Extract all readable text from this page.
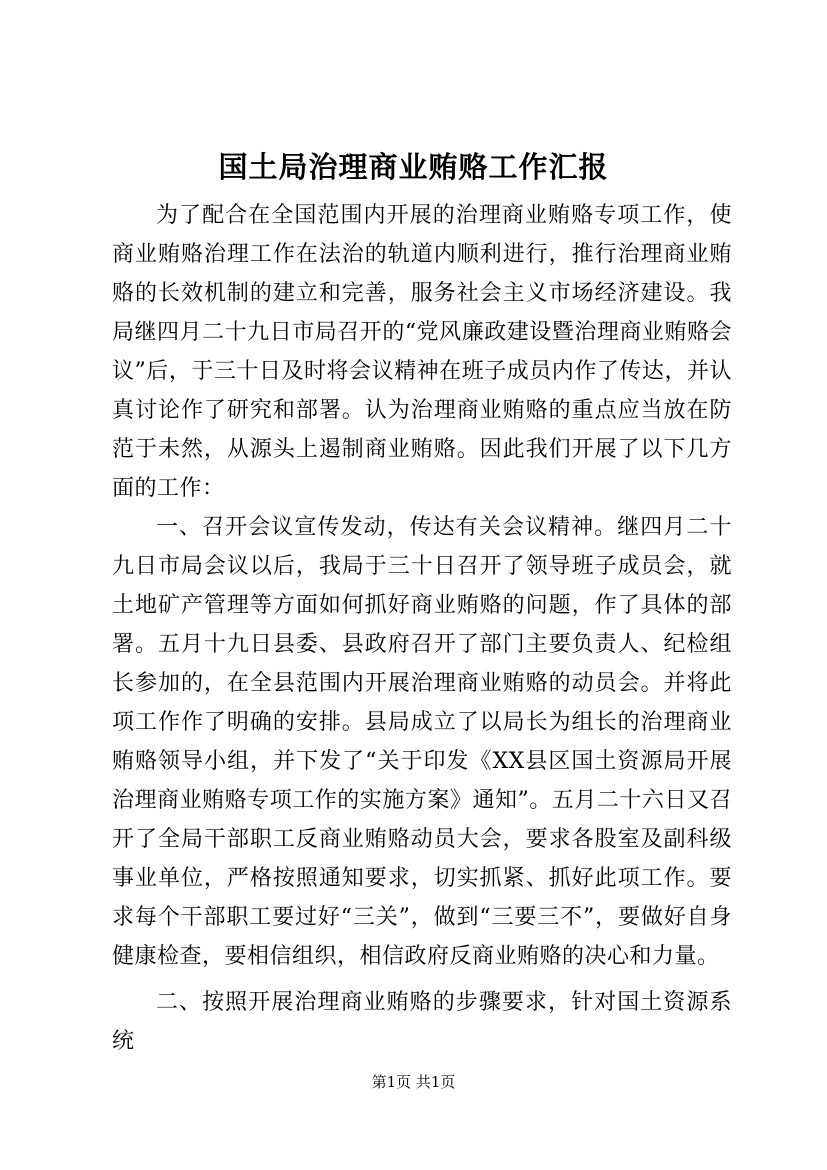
国土局治理商业贿赂工作汇报

为了配合在全国范围内开展的治理商业贿赂专项工作，使商业贿赂治理工作在法治的轨道内顺利进行，推行治理商业贿赂的长效机制的建立和完善，服务社会主义市场经济建设。我局继四月二十九日市局召开的“党风廉政建设暨治理商业贿赂会议”后，于三十日及时将会议精神在班子成员内作了传达，并认真讨论作了研究和部署。认为治理商业贿赂的重点应当放在防范于未然，从源头上遏制商业贿赂。因此我们开展了以下几方面的工作：

一、召开会议宣传发动，传达有关会议精神。继四月二十九日市局会议以后，我局于三十日召开了领导班子成员会，就土地矿产管理等方面如何抓好商业贿赂的问题，作了具体的部署。五月十九日县委、县政府召开了部门主要负责人、纪检组长参加的，在全县范围内开展治理商业贿赂的动员会。并将此项工作作了明确的安排。县局成立了以局长为组长的治理商业贿赂领导小组，并下发了“关于印发《XX县区国土资源局开展治理商业贿赂专项工作的实施方案》通知”。五月二十六日又召开了全局干部职工反商业贿赂动员大会，要求各股室及副科级事业单位，严格按照通知要求，切实抓紧、抓好此项工作。要求每个干部职工要过好“三关”，做到“三要三不”，要做好自身健康检查，要相信组织，相信政府反商业贿赂的决心和力量。

二、按照开展治理商业贿赂的步骤要求，针对国土资源系统

第1页 共1页
